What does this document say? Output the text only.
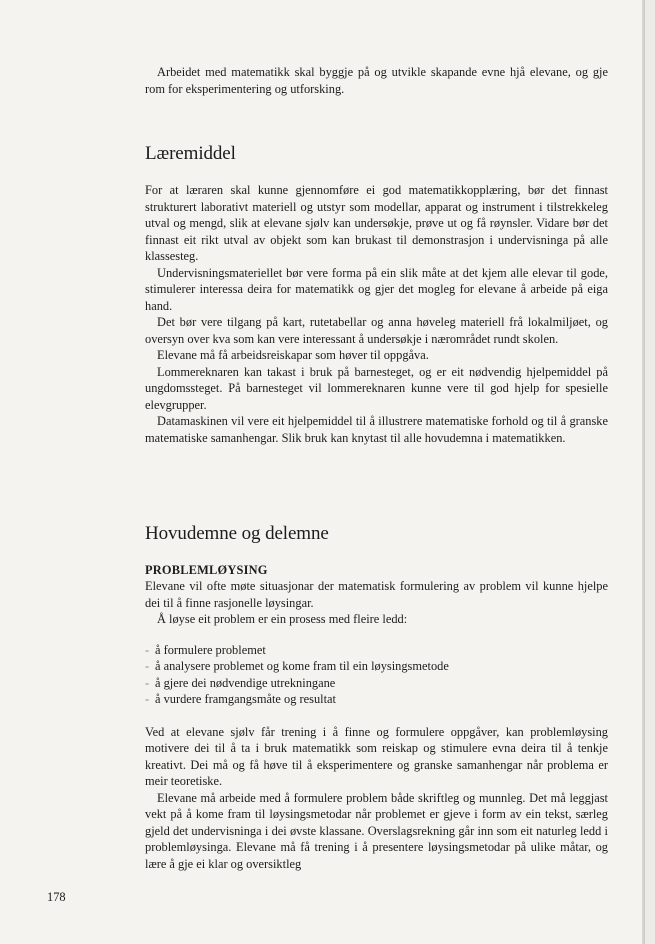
Arbeidet med matematikk skal byggje på og utvikle skapande evne hjå elevane, og gje rom for eksperimentering og utforsking.

Læremiddel

For at læraren skal kunne gjennomføre ei god matematikkopplæring, bør det finnast strukturert laborativt materiell og utstyr som modellar, apparat og instrument i tilstrekkeleg utval og mengd, slik at elevane sjølv kan undersøkje, prøve ut og få røynsler. Vidare bør det finnast eit rikt utval av objekt som kan brukast til demonstrasjon i undervisninga på alle klassesteg.

Undervisningsmateriellet bør vere forma på ein slik måte at det kjem alle elevar til gode, stimulerer interessa deira for matematikk og gjer det mogleg for elevane å arbeide på eiga hand.

Det bør vere tilgang på kart, rutetabellar og anna høveleg materiell frå lokalmiljøet, og oversyn over kva som kan vere interessant å undersøkje i nærområdet rundt skolen.

Elevane må få arbeidsreiskapar som høver til oppgåva.

Lommereknaren kan takast i bruk på barnesteget, og er eit nødvendig hjelpemiddel på ungdomssteget. På barnesteget vil lommereknaren kunne vere til god hjelp for spesielle elevgrupper.

Datamaskinen vil vere eit hjelpemiddel til å illustrere matematiske forhold og til å granske matematiske samanhengar. Slik bruk kan knytast til alle hovudemna i matematikken.

Hovudemne og delemne
PROBLEMLØYSING

Elevane vil ofte møte situasjonar der matematisk formulering av problem vil kunne hjelpe dei til å finne rasjonelle løysingar.

Å løyse eit problem er ein prosess med fleire ledd:

- å formulere problemet
- å analysere problemet og kome fram til ein løysingsmetode
- å gjere dei nødvendige utrekningane
- å vurdere framgangsmåte og resultat

Ved at elevane sjølv får trening i å finne og formulere oppgåver, kan problemløysing motivere dei til å ta i bruk matematikk som reiskap og stimulere evna deira til å tenkje kreativt. Dei må og få høve til å eksperimentere og granske samanhengar når problema er meir teoretiske.

Elevane må arbeide med å formulere problem både skriftleg og munnleg. Det må leggjast vekt på å kome fram til løysingsmetodar når problemet er gjeve i form av ein tekst, særleg gjeld det undervisninga i dei øvste klassane. Overslagsrekning går inn som eit naturleg ledd i problemløysinga. Elevane må få trening i å presentere løysingsmetodar på ulike måtar, og lære å gje ei klar og oversiktleg

178
